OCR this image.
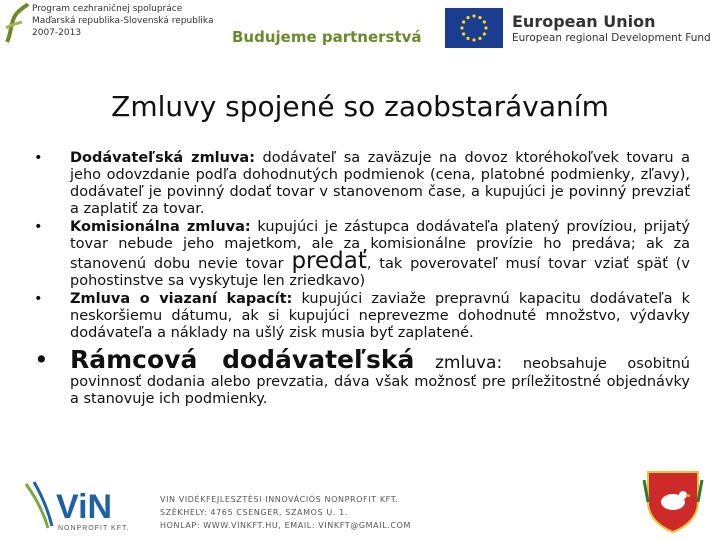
Program cezhraničnej spolupráce
Maďarská republika-Slovenská republika
2007-2013	Budujeme partnerstvá
European Union
European regional Development Fund
Zmluvy spojené so zaobstarávaním
• Dodávateľská zmluva: dodávateľ sa zaväzuje na dovoz ktoréhokoľvek tovaru a jeho odovzdanie podľa dohodnutých podmienok (cena, platobné podmienky, zľavy), dodávateľ je povinný dodať tovar v stanovenom čase, a kupujúci je povinný prevziať a zaplatiť za tovar.
• Komisionálna zmluva: kupujúci je zástupca dodávateľa platený províziou, prijatý tovar nebude jeho majetkom, ale za komisionálne provízie ho predáva; ak za stanovenú dobu nevie tovar predať, tak poverovateľ musí tovar vziať späť (v pohostinstve sa vyskytuje len zriedkavo)
• Zmluva o viazaní kapacít: kupujúci zaviaže prepravnú kapacitu dodávateľa k neskoršiemu dátumu, ak si kupujúci neprevezme dohodnuté množstvo, výdavky dodávateľa a náklady na ušlý zisk musia byť zaplatené.
• Rámcová dodávateľská zmluva: neobsahuje osobitnú povinnosť dodania alebo prevzatia, dáva však možnosť pre príležitostné objednávky a stanovuje ich podmienky.
ViN
NONPROFIT KFT.
VIN VIDÉKFEJLESZTÉSI INNOVÁCIÓS NONPROFIT KFT.
SZÉKHELY: 4765 CSENGER, SZAMOS U. 1.
HONLAP: WWW.VINKFT.HU, EMAIL: VINKFT@GMAIL.COM
